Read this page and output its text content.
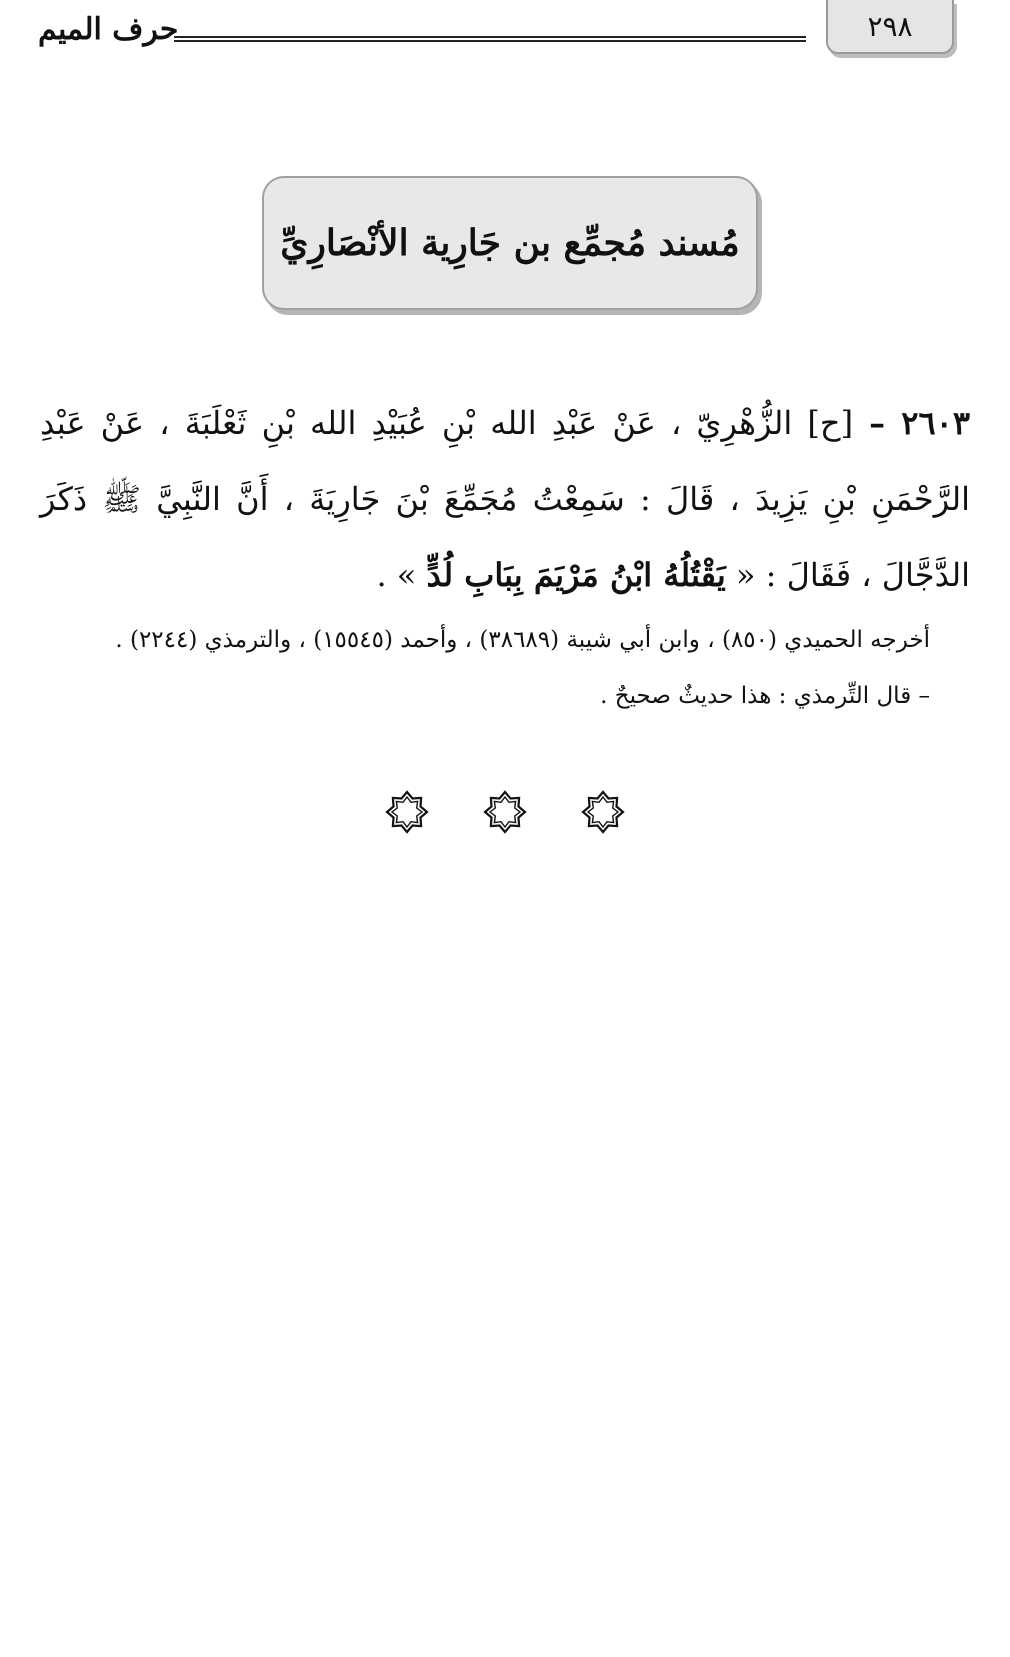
٢٩٨
حرف الميم
مُسند مُجمِّع بن جَارِية الأنْصَارِيِّ
٢٦٠٣ – [ح] الزُّهْرِيّ ، عَنْ عَبْدِ الله بْنِ عُبَيْدِ الله بْنِ ثَعْلَبَةَ ، عَنْ عَبْدِ الرَّحْمَنِ بْنِ يَزِيدَ ، قَالَ : سَمِعْتُ مُجَمِّعَ بْنَ جَارِيَةَ ، أَنَّ النَّبِيَّ ﷺ ذَكَرَ الدَّجَّالَ ، فَقَالَ : « يَقْتُلُهُ ابْنُ مَرْيَمَ بِبَابِ لُدٍّ » .

أخرجه الحميدي (٨٥٠) ، وابن أبي شيبة (٣٨٦٨٩) ، وأحمد (١٥٥٤٥) ، والترمذي (٢٢٤٤) .

– قال التِّرمذي : هذا حديثٌ صحيحٌ .
